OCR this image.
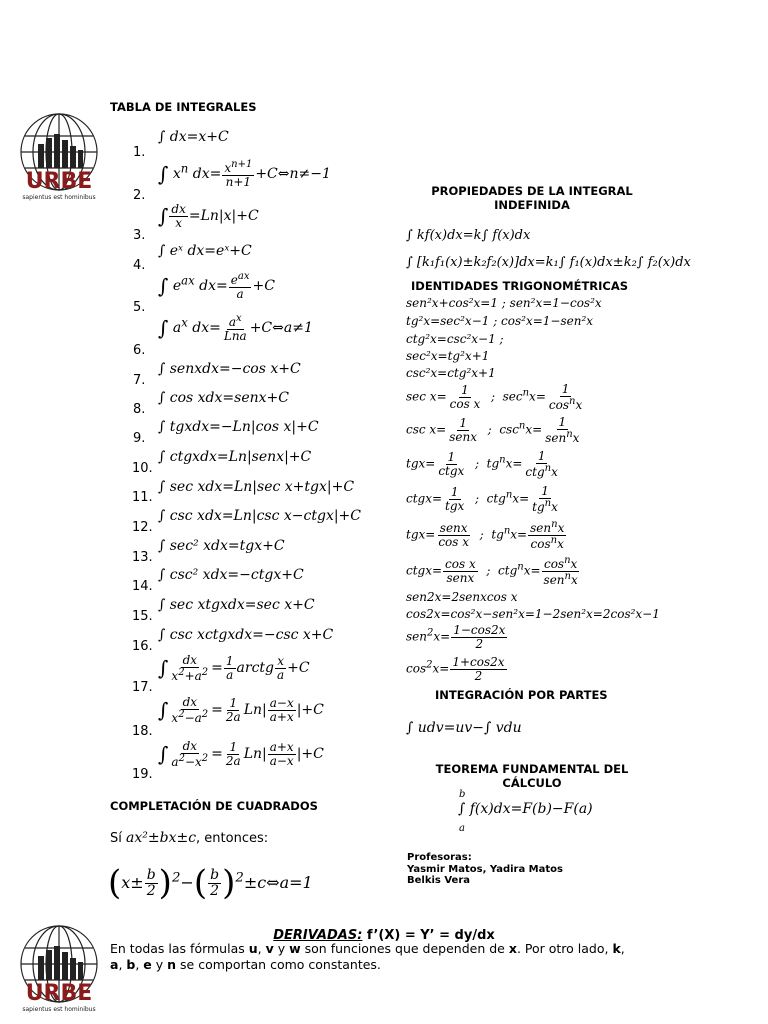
URBE
sapientus est hominibus
URBE
sapientus est hominibus
TABLA DE INTEGRALES
1.
2.
3.
4.
5.
6.
7.
8.
9.
10.
11.
12.
13.
14.
15.
16.
17.
18.
19.
∫ dx=x+C
∫ $x^n$ $dx= \frac{x^{n+1}}{n+1}$ +C⇔n≠−1
∫ $\frac{dx}{x} =Ln|x|+C$
∫ eˣ dx=eˣ+C
∫ $e^{ax}$ $dx= e^{ax}$
a +C
∫ $a^x$ $dx= a^x$
Lna +C⇔a≠1
∫ senxdx=−cos x+C
∫ cos xdx=senx+C
∫ tgxdx=−Ln|cos x|+C
∫ ctgxdx=Ln|senx|+C
∫ sec xdx=Ln|sec x+tgx|+C
∫ csc xdx=Ln|csc x−ctgx|+C
∫ sec² xdx=tgx+C
∫ csc² xdx=−ctgx+C
∫ sec xtgxdx=sec x+C
∫ csc xctgxdx=−csc x+C
∫ $\frac{dx}{x^2+a^2} = \frac{1}{a}$ arctg $\frac{x}{a} +C$
∫ $\frac{dx}{x^2-a^2} = \frac{1}{2a} Ln| \frac{a-x}{a+x} |+C$
∫ $\frac{dx}{a^2-x^2} = \frac{1}{2a} Ln| \frac{a+x}{a-x} |+C$
COMPLETACIÓN DE CUADRADOS
Sí ax²±bx±c, entonces:
$(x\pm \frac{b}{2} )^2-( \frac{b}{2}$ )$^2\pm c\Leftrightarrow a=1$
PROPIEDADES DE LA INTEGRAL INDEFINIDA
∫ kf(x)dx=k∫ f(x)dx
∫ [k₁f₁(x)±k₂f₂(x)]dx=k₁∫ f₁(x)dx±k₂∫ f₂(x)dx
IDENTIDADES TRIGONOMÉTRICAS
sen²x+cos²x=1 ; sen²x=1−cos²x
tg²x=sec²x−1 ; cos²x=1−sen²x
ctg²x=csc²x−1 ;
sec²x=tg²x+1
csc²x=ctg²x+1
$\sec x= \frac{1}{\text{cos x}}$ ;  $\sec^nx= \frac{1}{\cos^nx}$
csc x= 1
senx ;  $\csc^nx=$
1
sen$^n$x
tgx= 1
ctgx ;  $tg^nx=$
1
ctg$^n$x
ctgx= 1
tgx ;  ctg$^n$x=
1
$tg^nx$
tgx= senx
cos x ;  $tg^nx= sen^nx$
$\cos^nx$
ctgx= cos x
senx ;  $ctg^nx= \cos^nx$
sen$^n$x
sen2x=2senxcos x
cos2x=cos²x−sen²x=1−2sen²x=2cos²x−1
$sen^2x= \frac{1-\cos 2x}{2}$
$\cos^2x= \frac{1+\cos 2x}{2}$
INTEGRACIÓN POR PARTES
∫ udv=uv−∫ vdu
TEOREMA FUNDAMENTAL DEL CÁLCULO
b
∫ f(x)dx=F(b)−F(a)
a
Profesoras:
Yasmir Matos, Yadira Matos
Belkis Vera
DERIVADAS: f’(X) = Y’ = dy/dx
En todas las fórmulas u, v y w son funciones que dependen de x. Por otro lado, k,
a, b, e y n se comportan como constantes.
